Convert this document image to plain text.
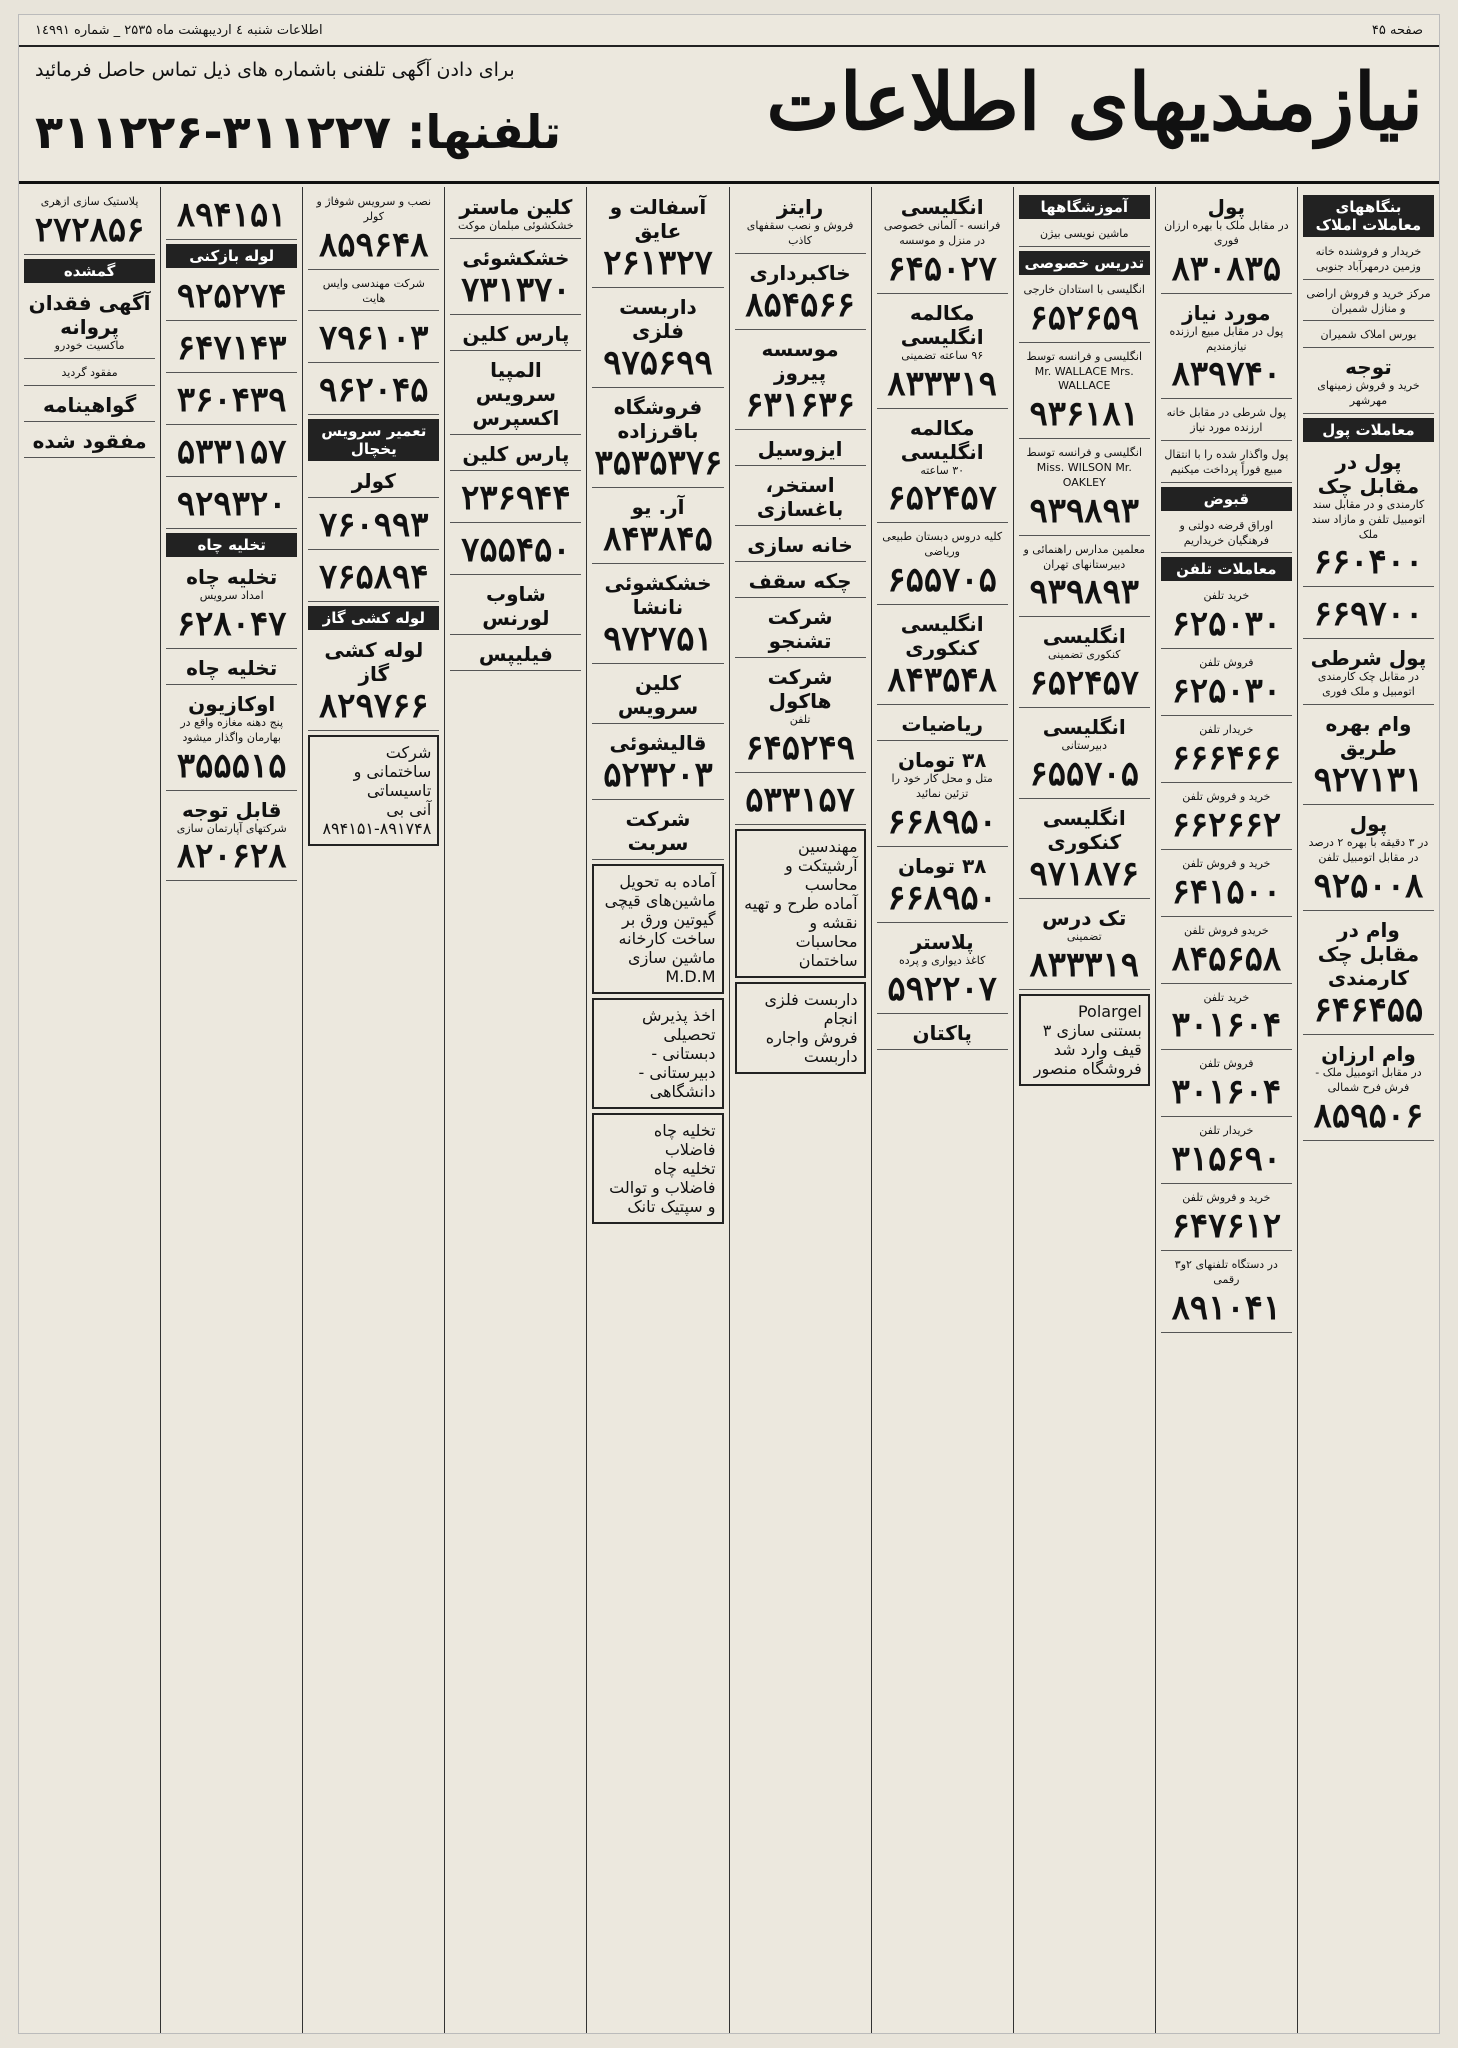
صفحه ۴۵
اطلاعات شنبه ٤ اردیبهشت ماه ۲۵۳۵ _ شماره ۱٤۹۹۱
نیازمندیهای اطلاعات
برای دادن آگهی تلفنی باشماره های ذیل تماس حاصل فرمائید
تلفنها: ۳۱۱۲۲۷-۳۱۱۲۲۶
بنگاههای معاملات املاک
خریدار و فروشنده خانه وزمین درمهرآباد جنوبی
مرکز خرید و فروش اراضی و منازل شمیران
بورس املاک شمیران
توجه
خرید و فروش زمینهای مهرشهر
معاملات پول
پول در مقابل چک
کارمندی و در مقابل سند اتومبیل تلفن و مازاد سند ملک
۶۶۰۴۰۰
۶۶۹۷۰۰
پول شرطی
در مقابل چک کارمندی اتومبیل و ملک فوری
وام بهره طریق
۹۲۷۱۳۱
پول
در ۳ دقیقه با بهره ۲ درصد در مقابل اتومبیل تلفن
۹۲۵۰۰۸
وام در مقابل چک کارمندی
۶۴۶۴۵۵
وام ارزان
در مقابل اتومبیل ملک - فرش فرح شمالی
۸۵۹۵۰۶
پول
در مقابل ملک با بهره ارزان فوری
۸۳۰۸۳۵
مورد نیاز
پول در مقابل مبیع ارزنده نیازمندیم
۸۳۹۷۴۰
پول شرطی در مقابل خانه ارزنده مورد نیاز
پول واگذار شده را با انتقال مبیع فوراً پرداخت میکنیم
قبوض
اوراق قرضه دولتی و فرهنگیان خریداریم
معاملات تلفن
خرید تلفن
۶۲۵۰۳۰
فروش تلفن
۶۲۵۰۳۰
خریدار تلفن
۶۶۶۴۶۶
خرید و فروش تلفن
۶۶۲۶۶۲
خرید و فروش تلفن
۶۴۱۵۰۰
خریدو فروش تلفن
۸۴۵۶۵۸
خرید تلفن
۳۰۱۶۰۴
فروش تلفن
۳۰۱۶۰۴
خریدار تلفن
۳۱۵۶۹۰
خرید و فروش تلفن
۶۴۷۶۱۲
در دستگاه تلفنهای ۲و۳ رقمی
۸۹۱۰۴۱
آموزشگاهها
ماشین نویسی بیژن
تدریس خصوصی
انگلیسی با استادان خارجی
۶۵۲۶۵۹
انگلیسی و فرانسه توسط Mr. WALLACE Mrs. WALLACE
۹۳۶۱۸۱
انگلیسی و فرانسه توسط Miss. WILSON Mr. OAKLEY
۹۳۹۸۹۳
معلمین مدارس راهنمائی و دبیرستانهای تهران
۹۳۹۸۹۳
انگلیسی
کنکوری تضمینی
۶۵۲۴۵۷
انگلیسی
دبیرستانی
۶۵۵۷۰۵
انگلیسی کنکوری
۹۷۱۸۷۶
تک درس
تضمینی
۸۳۳۳۱۹
Polargel
بستنی سازی ۳ قیف وارد شد
فروشگاه منصور
انگلیسی
فرانسه - آلمانی خصوصی در منزل و موسسه
۶۴۵۰۲۷
مکالمه انگلیسی
۹۶ ساعته تضمینی
۸۳۳۳۱۹
مکالمه انگلیسی
۳۰ ساعته
۶۵۲۴۵۷
کلیه دروس دبستان طبیعی وریاضی
۶۵۵۷۰۵
انگلیسی کنکوری
۸۴۳۵۴۸
ریاضیات
۳۸ تومان
متل و محل کار خود را تزئین نمائید
۶۶۸۹۵۰
۳۸ تومان
۶۶۸۹۵۰
پلاستر
کاغذ دیواری و پرده
۵۹۲۲۰۷
پاکتان
رایتز
فروش و نصب سقفهای کاذب
خاکبرداری
۸۵۴۵۶۶
موسسه پیروز
۶۳۱۶۳۶
ایزوسیل
استخر، باغسازی
خانه سازی
چکه سقف
شرکت تشنجو
شرکت هاکول
تلفن
۶۴۵۲۴۹
۵۳۳۱۵۷
مهندسین آرشیتکت و محاسب
آماده طرح و تهیه نقشه و محاسبات ساختمان
داربست فلزی انجام
فروش واجاره داربست
آسفالت و عایق
۲۶۱۳۲۷
داربست فلزی
۹۷۵۶۹۹
فروشگاه باقرزاده
۳۵۳۵۳۷۶
آر. یو
۸۴۳۸۴۵
خشکشوئی نانشا
۹۷۲۷۵۱
کلین سرویس
قالیشوئی
۵۲۳۲۰۳
شرکت سربت
آماده به تحویل
ماشین‌های قیچی گیوتین ورق بر ساخت کارخانه ماشین سازی
M.D.M
اخذ پذیرش تحصیلی
دبستانی - دبیرستانی - دانشگاهی
تخلیه چاه فاضلاب
تخلیه چاه فاضلاب و توالت و سپتیک تانک
کلین ماستر
خشکشوئی مبلمان موکت
خشکشوئی
۷۳۱۳۷۰
پارس کلین
المپیا سرویس اکسپرس
پارس کلین
۲۳۶۹۴۴
۷۵۵۴۵۰
شاوب لورنس
فیلیپس
نصب و سرویس شوفاژ و کولر
۸۵۹۶۴۸
شرکت مهندسی وایس هایت
۷۹۶۱۰۳
۹۶۲۰۴۵
تعمیر سرویس یخچال
کولر
۷۶۰۹۹۳
۷۶۵۸۹۴
لوله کشی گاز
لوله کشی گاز
۸۲۹۷۶۶
شرکت ساختمانی و تاسیساتی
آنی بی
۸۹۴۱۵۱-۸۹۱۷۴۸
۸۹۴۱۵۱
لوله بازکنی
۹۲۵۲۷۴
۶۴۷۱۴۳
۳۶۰۴۳۹
۵۳۳۱۵۷
۹۲۹۳۲۰
تخلیه چاه
تخلیه چاه
امداد سرویس
۶۲۸۰۴۷
تخلیه چاه
اوکازیون
پنج دهنه مغازه واقع در بهارمان واگذار میشود
۳۵۵۵۱۵
قابل توجه
شرکتهای آپارتمان سازی
۸۲۰۶۲۸
پلاستیک سازی ازهری
۲۷۲۸۵۶
گمشده
آگهی فقدان پروانه
ماکسیت خودرو
مفقود گردید
گواهینامه
مفقود شده
